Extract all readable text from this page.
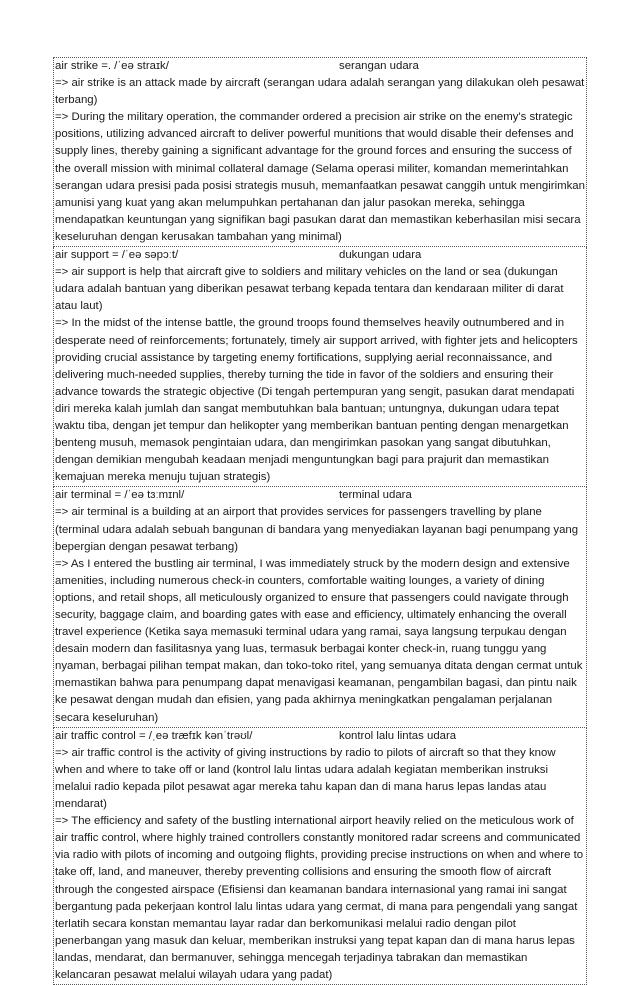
air strike =. /ˈeə straɪk/	serangan udara

=> air strike is an attack made by aircraft (serangan udara adalah serangan yang dilakukan oleh pesawat terbang)

=> During the military operation, the commander ordered a precision air strike on the enemy's strategic positions, utilizing advanced aircraft to deliver powerful munitions that would disable their defenses and supply lines, thereby gaining a significant advantage for the ground forces and ensuring the success of the overall mission with minimal collateral damage (Selama operasi militer, komandan memerintahkan serangan udara presisi pada posisi strategis musuh, memanfaatkan pesawat canggih untuk mengirimkan amunisi yang kuat yang akan melumpuhkan pertahanan dan jalur pasokan mereka, sehingga mendapatkan keuntungan yang signifikan bagi pasukan darat dan memastikan keberhasilan misi secara keseluruhan dengan kerusakan tambahan yang minimal)

air support = /ˈeə səpɔːt/	dukungan udara

=> air support is help that aircraft give to soldiers and military vehicles on the land or sea (dukungan udara adalah bantuan yang diberikan pesawat terbang kepada tentara dan kendaraan militer di darat atau laut)

=> In the midst of the intense battle, the ground troops found themselves heavily outnumbered and in desperate need of reinforcements; fortunately, timely air support arrived, with fighter jets and helicopters providing crucial assistance by targeting enemy fortifications, supplying aerial reconnaissance, and delivering much-needed supplies, thereby turning the tide in favor of the soldiers and ensuring their advance towards the strategic objective (Di tengah pertempuran yang sengit, pasukan darat mendapati diri mereka kalah jumlah dan sangat membutuhkan bala bantuan; untungnya, dukungan udara tepat waktu tiba, dengan jet tempur dan helikopter yang memberikan bantuan penting dengan menargetkan benteng musuh, memasok pengintaian udara, dan mengirimkan pasokan yang sangat dibutuhkan, dengan demikian mengubah keadaan menjadi menguntungkan bagi para prajurit dan memastikan kemajuan mereka menuju tujuan strategis)

air terminal = /ˈeə tɜːmɪnl/	terminal udara

=> air terminal is a building at an airport that provides services for passengers travelling by plane (terminal udara adalah sebuah bangunan di bandara yang menyediakan layanan bagi penumpang yang bepergian dengan pesawat terbang)

=> As I entered the bustling air terminal, I was immediately struck by the modern design and extensive amenities, including numerous check-in counters, comfortable waiting lounges, a variety of dining options, and retail shops, all meticulously organized to ensure that passengers could navigate through security, baggage claim, and boarding gates with ease and efficiency, ultimately enhancing the overall travel experience (Ketika saya memasuki terminal udara yang ramai, saya langsung terpukau dengan desain modern dan fasilitasnya yang luas, termasuk berbagai konter check-in, ruang tunggu yang nyaman, berbagai pilihan tempat makan, dan toko-toko ritel, yang semuanya ditata dengan cermat untuk memastikan bahwa para penumpang dapat menavigasi keamanan, pengambilan bagasi, dan pintu naik ke pesawat dengan mudah dan efisien, yang pada akhirnya meningkatkan pengalaman perjalanan secara keseluruhan)

air traffic control = /ˌeə træfɪk kənˈtrəʊl/	kontrol lalu lintas udara

=> air traffic control is the activity of giving instructions by radio to pilots of aircraft so that they know when and where to take off or land (kontrol lalu lintas udara adalah kegiatan memberikan instruksi melalui radio kepada pilot pesawat agar mereka tahu kapan dan di mana harus lepas landas atau mendarat)

=> The efficiency and safety of the bustling international airport heavily relied on the meticulous work of air traffic control, where highly trained controllers constantly monitored radar screens and communicated via radio with pilots of incoming and outgoing flights, providing precise instructions on when and where to take off, land, and maneuver, thereby preventing collisions and ensuring the smooth flow of aircraft through the congested airspace (Efisiensi dan keamanan bandara internasional yang ramai ini sangat bergantung pada pekerjaan kontrol lalu lintas udara yang cermat, di mana para pengendali yang sangat terlatih secara konstan memantau layar radar dan berkomunikasi melalui radio dengan pilot penerbangan yang masuk dan keluar, memberikan instruksi yang tepat kapan dan di mana harus lepas landas, mendarat, dan bermanuver, sehingga mencegah terjadinya tabrakan dan memastikan kelancaran pesawat melalui wilayah udara yang padat)
